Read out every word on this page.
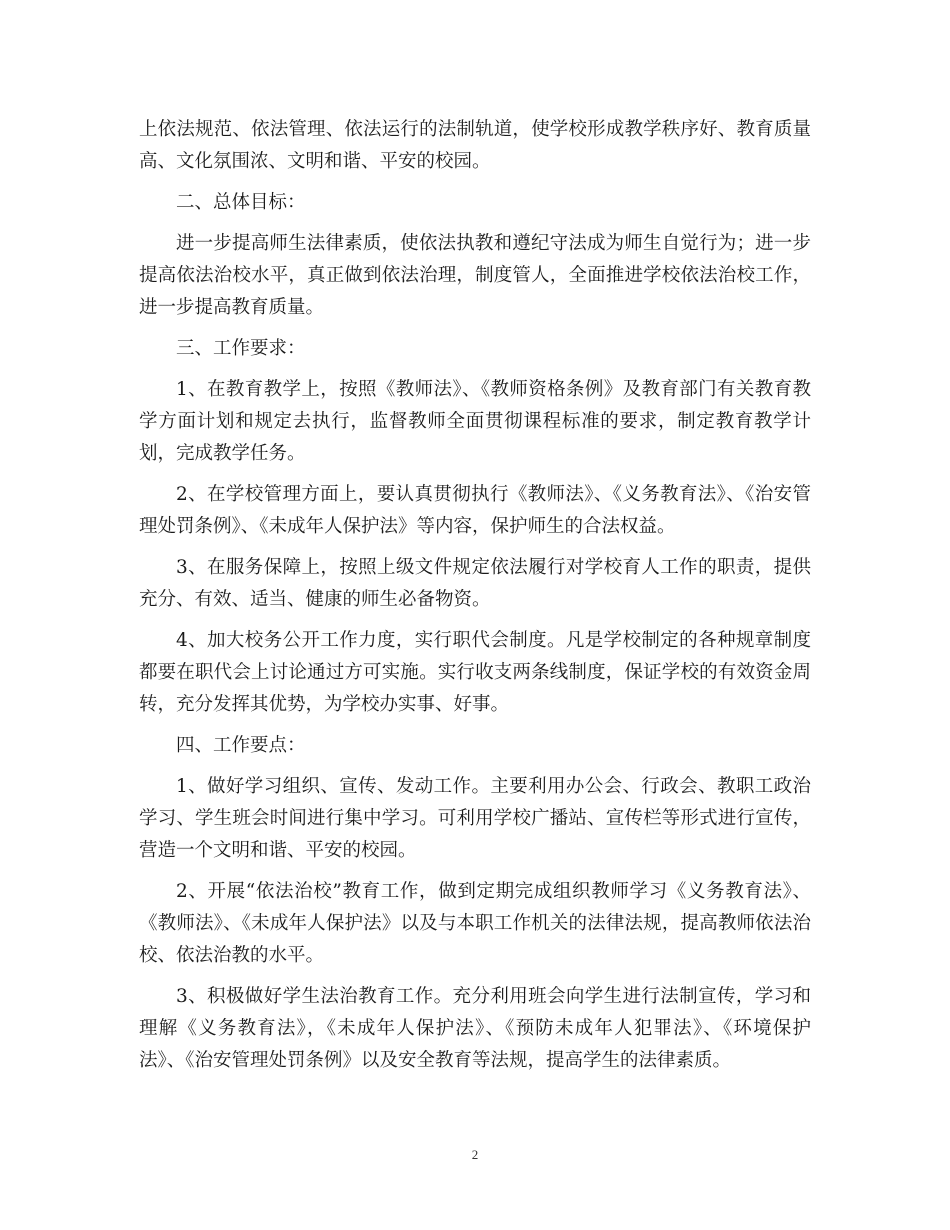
上依法规范、依法管理、依法运行的法制轨道，使学校形成教学秩序好、教育质量高、文化氛围浓、文明和谐、平安的校园。

二、总体目标：

进一步提高师生法律素质，使依法执教和遵纪守法成为师生自觉行为；进一步提高依法治校水平，真正做到依法治理，制度管人，全面推进学校依法治校工作，进一步提高教育质量。

三、工作要求：

1、在教育教学上，按照《教师法》、《教师资格条例》及教育部门有关教育教学方面计划和规定去执行，监督教师全面贯彻课程标准的要求，制定教育教学计划，完成教学任务。

2、在学校管理方面上，要认真贯彻执行《教师法》、《义务教育法》、《治安管理处罚条例》、《未成年人保护法》等内容，保护师生的合法权益。

3、在服务保障上，按照上级文件规定依法履行对学校育人工作的职责，提供充分、有效、适当、健康的师生必备物资。

4、加大校务公开工作力度，实行职代会制度。凡是学校制定的各种规章制度都要在职代会上讨论通过方可实施。实行收支两条线制度，保证学校的有效资金周转，充分发挥其优势，为学校办实事、好事。

四、工作要点：

1、做好学习组织、宣传、发动工作。主要利用办公会、行政会、教职工政治学习、学生班会时间进行集中学习。可利用学校广播站、宣传栏等形式进行宣传，营造一个文明和谐、平安的校园。

2、开展“依法治校”教育工作，做到定期完成组织教师学习《义务教育法》、《教师法》、《未成年人保护法》以及与本职工作机关的法律法规，提高教师依法治校、依法治教的水平。

3、积极做好学生法治教育工作。充分利用班会向学生进行法制宣传，学习和理解《义务教育法》，《未成年人保护法》、《预防未成年人犯罪法》、《环境保护法》、《治安管理处罚条例》以及安全教育等法规，提高学生的法律素质。

2
